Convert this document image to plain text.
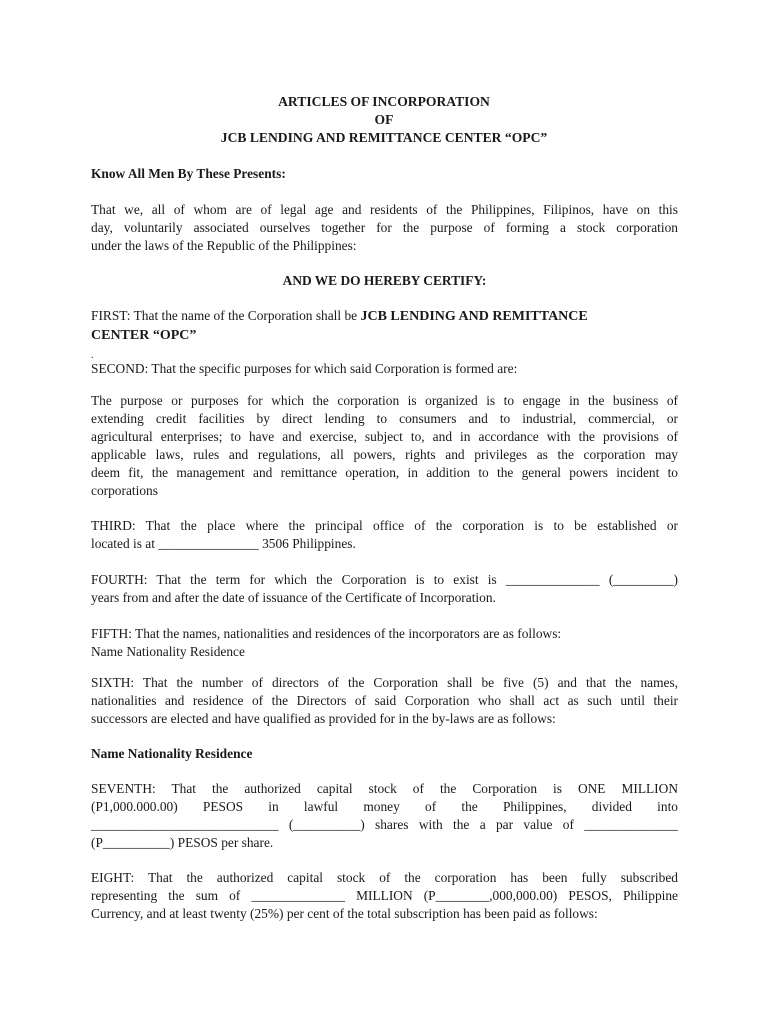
ARTICLES OF INCORPORATION
OF
JCB LENDING AND REMITTANCE CENTER “OPC”
Know All Men By These Presents:
That we, all of whom are of legal age and residents of the Philippines, Filipinos, have on this
day, voluntarily associated ourselves together for the purpose of forming a stock corporation
under the laws of the Republic of the Philippines:
AND WE DO HEREBY CERTIFY:
FIRST: That the name of the Corporation shall be JCB LENDING AND REMITTANCE
CENTER “OPC”
.
SECOND: That the specific purposes for which said Corporation is formed are:
The purpose or purposes for which the corporation is organized is to engage in the business of
extending credit facilities by direct lending to consumers and to industrial, commercial, or
agricultural enterprises; to have and exercise, subject to, and in accordance with the provisions of
applicable laws, rules and regulations, all powers, rights and privileges as the corporation may
deem fit, the management and remittance operation, in addition to the general powers incident to
corporations
THIRD: That the place where the principal office of the corporation is to be established or
located is at _______________ 3506 Philippines.
FOURTH: That the term for which the Corporation is to exist is ______________ (_________)
years from and after the date of issuance of the Certificate of Incorporation.
FIFTH: That the names, nationalities and residences of the incorporators are as follows:
Name Nationality Residence
SIXTH: That the number of directors of the Corporation shall be five (5) and that the names,
nationalities and residence of the Directors of said Corporation who shall act as such until their
successors are elected and have qualified as provided for in the by-laws are as follows:
Name Nationality Residence
SEVENTH: That the authorized capital stock of the Corporation is ONE MILLION
(P1,000.000.00) PESOS in lawful money of the Philippines, divided into
____________________________ (__________) shares with the a par value of ______________
(P__________) PESOS per share.
EIGHT: That the authorized capital stock of the corporation has been fully subscribed
representing the sum of ______________ MILLION (P________,000,000.00) PESOS, Philippine
Currency, and at least twenty (25%) per cent of the total subscription has been paid as follows:
